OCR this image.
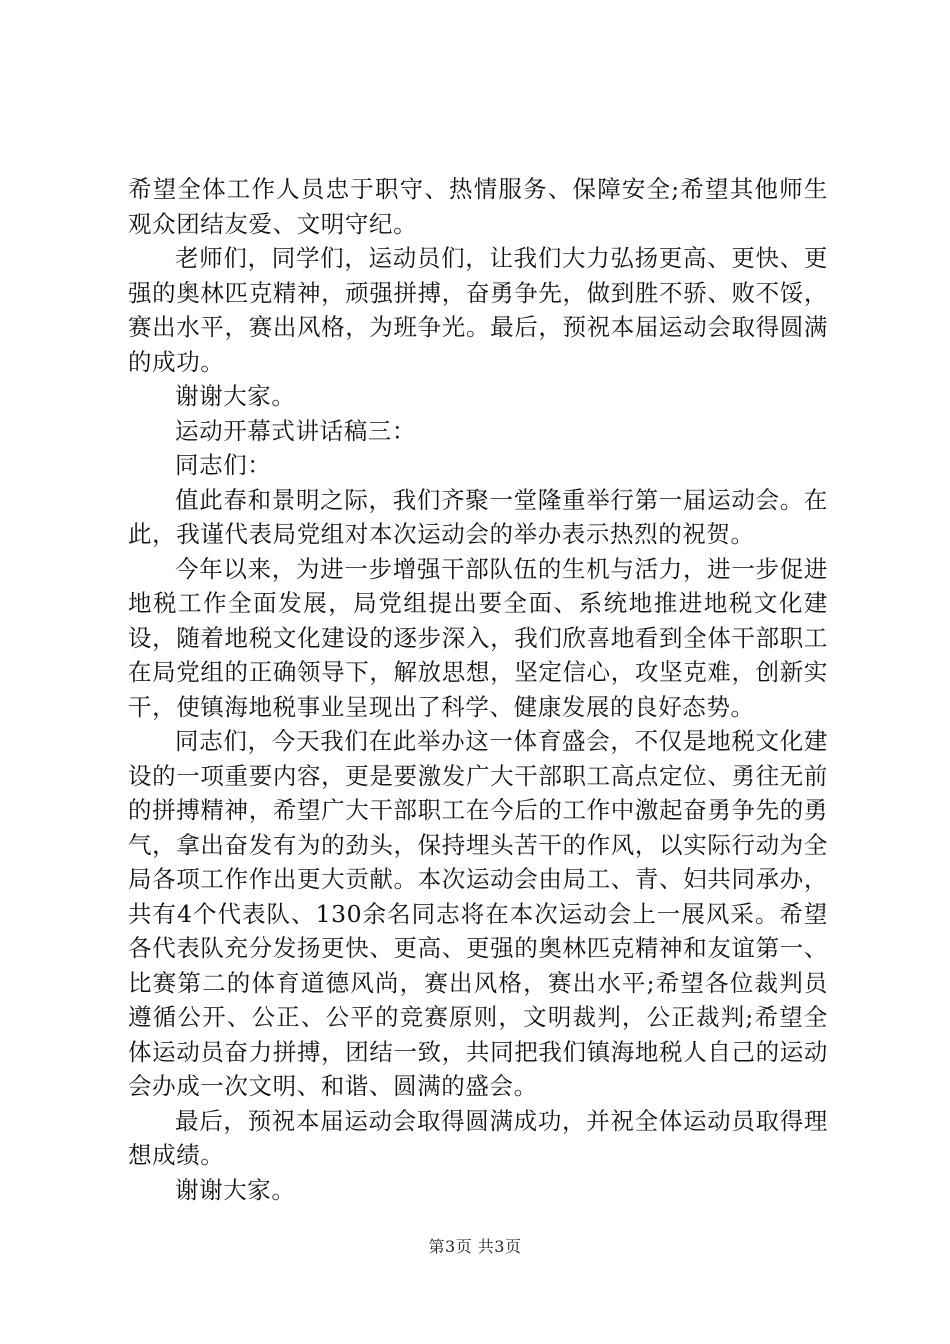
希望全体工作人员忠于职守、热情服务、保障安全;希望其他师生观众团结友爱、文明守纪。

老师们，同学们，运动员们，让我们大力弘扬更高、更快、更强的奥林匹克精神，顽强拼搏，奋勇争先，做到胜不骄、败不馁，赛出水平，赛出风格，为班争光。最后，预祝本届运动会取得圆满的成功。

谢谢大家。

运动开幕式讲话稿三：

同志们：

值此春和景明之际，我们齐聚一堂隆重举行第一届运动会。在此，我谨代表局党组对本次运动会的举办表示热烈的祝贺。

今年以来，为进一步增强干部队伍的生机与活力，进一步促进地税工作全面发展，局党组提出要全面、系统地推进地税文化建设，随着地税文化建设的逐步深入，我们欣喜地看到全体干部职工在局党组的正确领导下，解放思想，坚定信心，攻坚克难，创新实干，使镇海地税事业呈现出了科学、健康发展的良好态势。

同志们，今天我们在此举办这一体育盛会，不仅是地税文化建设的一项重要内容，更是要激发广大干部职工高点定位、勇往无前的拼搏精神，希望广大干部职工在今后的工作中激起奋勇争先的勇气，拿出奋发有为的劲头，保持埋头苦干的作风，以实际行动为全局各项工作作出更大贡献。本次运动会由局工、青、妇共同承办，共有4个代表队、130余名同志将在本次运动会上一展风采。希望各代表队充分发扬更快、更高、更强的奥林匹克精神和友谊第一、比赛第二的体育道德风尚，赛出风格，赛出水平;希望各位裁判员遵循公开、公正、公平的竞赛原则，文明裁判，公正裁判;希望全体运动员奋力拼搏，团结一致，共同把我们镇海地税人自己的运动会办成一次文明、和谐、圆满的盛会。

最后，预祝本届运动会取得圆满成功，并祝全体运动员取得理想成绩。

谢谢大家。

第3页 共3页
